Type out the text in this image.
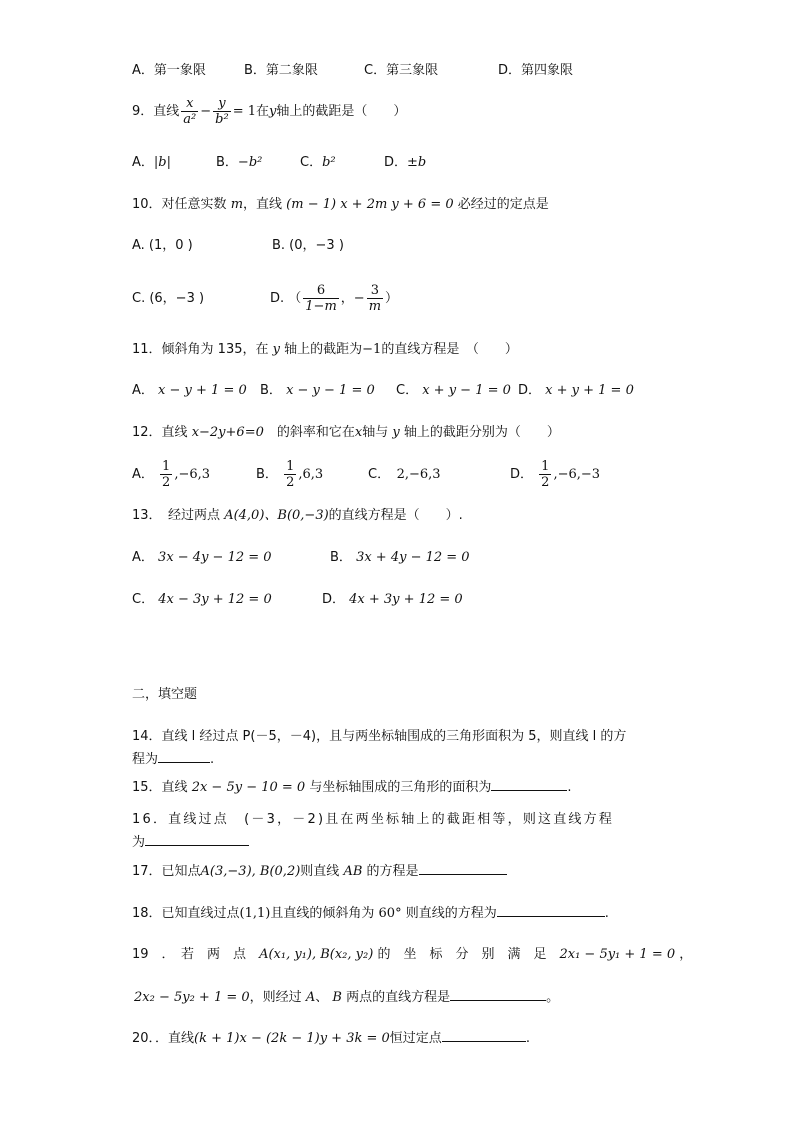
A．第一象限	B．第二象限	C．第三象限	D．第四象限
9．直线 $\frac{x}{\text{a²}} - \frac{y}{\text{b²}} = 1$在y轴上的截距是（　　）
A．|b|	B．−b²	C．b²	D．±b
10．对任意实数 m，直线 (m − 1) x + 2m y + 6 = 0 必经过的定点是
A. (1，0 )	B. (0，−3 )
C. (6，−3 )	D. （ $\frac{6}{1-m}$ ，− $\frac{3}{m}$ ）
11．倾斜角为 135，在 y 轴上的截距为−1的直线方程是　（　　）
A． x − y + 1 = 0 B． x − y − 1 = 0 C． x + y − 1 = 0 D． x + y + 1 = 0
12．直线 x−2y+6=0　 的斜率和它在x轴与 y 轴上的截距分别为（　　）
A． $\frac{1}{2} ,-6,3$	B． $\frac{1}{2} ,6,3$	C．　 2,−6,3	D． $\frac{1}{2} ,-6,-3$
13．　经过两点 A(4,0)、B(0,−3)的直线方程是（　　）.
A． 3x − 4y − 12 = 0	B． 3x + 4y − 12 = 0
C． 4x − 3y + 12 = 0	D． 4x + 3y + 12 = 0
二，填空题
14．直线 l 经过点 P(－5，－4)，且与两坐标轴围成的三角形面积为 5，则直线 l 的方
程为	.
15．直线 2x − 5y − 10 = 0 与坐标轴围成的三角形的面积为	.
16．直线过点　(－3，－2)且在两坐标轴上的截距相等，则这直线方程
为
17．已知点A(3,−3), B(0,2)则直线 AB 的方程是
18．已知直线过点(1,1)且直线的倾斜角为 60° 则直线的方程为	.
19　．　若　两　点　 A(x₁, y₁), B(x₂, y₂) 的　坐　标　分　别　满　足　 2x₁ − 5y₁ + 1 = 0 ，
2x₂ − 5y₂ + 1 = 0，则经过 A、 B 两点的直线方程是	。
20．．直线(k + 1)x − (2k − 1)y + 3k = 0恒过定点	.
